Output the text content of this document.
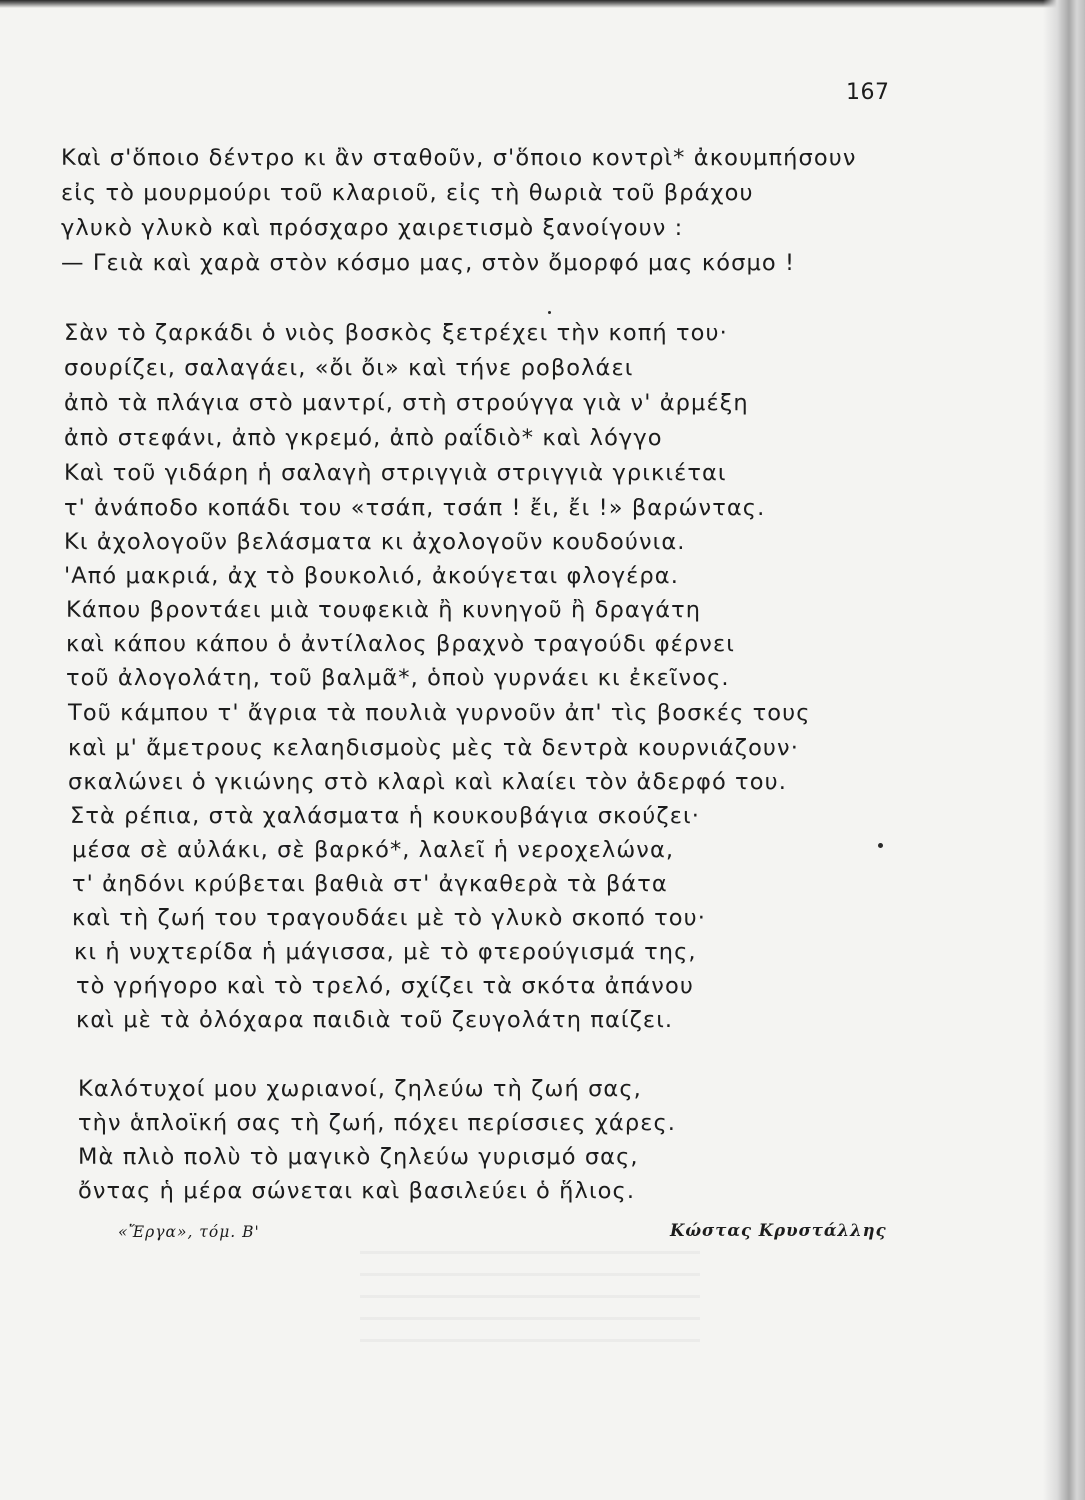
167
Καὶ σ'ὅποιο δέντρο κι ἂν σταθοῦν, σ'ὅποιο κοντρὶ* ἀκουμπήσουν
εἰς τὸ μουρμούρι τοῦ κλαριοῦ, εἰς τὴ θωριὰ τοῦ βράχου
γλυκὸ γλυκὸ καὶ πρόσχαρο χαιρετισμὸ ξανοίγουν :
— Γειὰ καὶ χαρὰ στὸν κόσμο μας, στὸν ὄμορφό μας κόσμο !
Σὰν τὸ ζαρκάδι ὁ νιὸς βοσκὸς ξετρέχει τὴν κοπή του·
σουρίζει, σαλαγάει, «ὄι ὄι» καὶ τήνε ροβολάει
ἀπὸ τὰ πλάγια στὸ μαντρί, στὴ στρούγγα γιὰ ν' ἀρμέξη
ἀπὸ στεφάνι, ἀπὸ γκρεμό, ἀπὸ ραΐδιὸ* καὶ λόγγο
Καὶ τοῦ γιδάρη ἡ σαλαγὴ στριγγιὰ στριγγιὰ γρικιέται
τ' ἀνάποδο κοπάδι του «τσάπ, τσάπ ! ἔι, ἔι !» βαρώντας.
Κι ἀχολογοῦν βελάσματα κι ἀχολογοῦν κουδούνια.
'Από μακριά, ἀχ τὸ βουκολιό, ἀκούγεται φλογέρα.
Κάπου βροντάει μιὰ τουφεκιὰ ἢ κυνηγοῦ ἢ δραγάτη
καὶ κάπου κάπου ὁ ἀντίλαλος βραχνὸ τραγούδι φέρνει
τοῦ ἀλογολάτη, τοῦ βαλμᾶ*, ὁποὺ γυρνάει κι ἐκεῖνος.
Τοῦ κάμπου τ' ἄγρια τὰ πουλιὰ γυρνοῦν ἀπ' τὶς βοσκές τους
καὶ μ' ἄμετρους κελαηδισμοὺς μὲς τὰ δεντρὰ κουρνιάζουν·
σκαλώνει ὁ γκιώνης στὸ κλαρὶ καὶ κλαίει τὸν ἀδερφό του.
Στὰ ρέπια, στὰ χαλάσματα ἡ κουκουβάγια σκούζει·
μέσα σὲ αὐλάκι, σὲ βαρκό*, λαλεῖ ἡ νεροχελώνα,
τ' ἀηδόνι κρύβεται βαθιὰ στ' ἀγκαθερὰ τὰ βάτα
καὶ τὴ ζωή του τραγουδάει μὲ τὸ γλυκὸ σκοπό του·
κι ἡ νυχτερίδα ἡ μάγισσα, μὲ τὸ φτερούγισμά της,
τὸ γρήγορο καὶ τὸ τρελό, σχίζει τὰ σκότα ἀπάνου
καὶ μὲ τὰ ὀλόχαρα παιδιὰ τοῦ ζευγολάτη παίζει.
Καλότυχοί μου χωριανοί, ζηλεύω τὴ ζωή σας,
τὴν ἁπλοϊκή σας τὴ ζωή, πόχει περίσσιες χάρες.
Μὰ πλιὸ πολὺ τὸ μαγικὸ ζηλεύω γυρισμό σας,
ὄντας ἡ μέρα σώνεται καὶ βασιλεύει ὁ ἥλιος.
«Ἔργα», τόμ. Β'	Κώστας Κρυστάλλης
